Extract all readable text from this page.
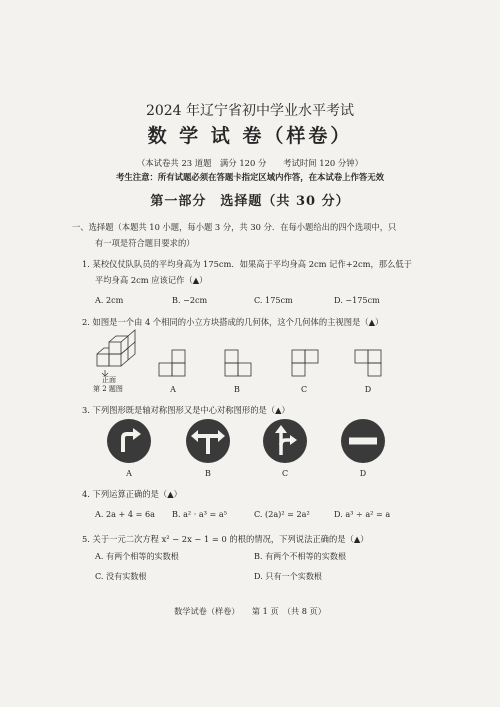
2024 年辽宁省初中学业水平考试
数 学 试 卷（样卷）
（本试卷共 23 道题　满分 120 分　　考试时间 120 分钟）
考生注意：所有试题必须在答题卡指定区域内作答，在本试卷上作答无效
第一部分　选择题（共 30 分）
一、选择题（本题共 10 小题，每小题 3 分，共 30 分．在每小题给出的四个选项中，只
有一项是符合题目要求的）
1. 某校仪仗队队员的平均身高为 175cm．如果高于平均身高 2cm 记作+2cm，那么低于
平均身高 2cm 应该记作（▲）
A. 2cm	B. −2cm	C. 175cm	D. −175cm
2. 如图是一个由 4 个相同的小立方块搭成的几何体，这个几何体的主视图是（▲）
正面
第 2 题图	A	B	C	D
3. 下列图形既是轴对称图形又是中心对称图形的是（▲）
A	B	C	D
4. 下列运算正确的是（▲）
A. 2a + 4 = 6a B. a² · a³ = a⁵	C. (2a)² = 2a²	D. a³ ÷ a² = a
5. 关于一元二次方程 x² − 2x − 1 = 0 的根的情况，下列说法正确的是（▲）
A. 有两个相等的实数根	B. 有两个不相等的实数根
C. 没有实数根	D. 只有一个实数根
数学试卷（样卷）　　第 1 页　（共 8 页）
